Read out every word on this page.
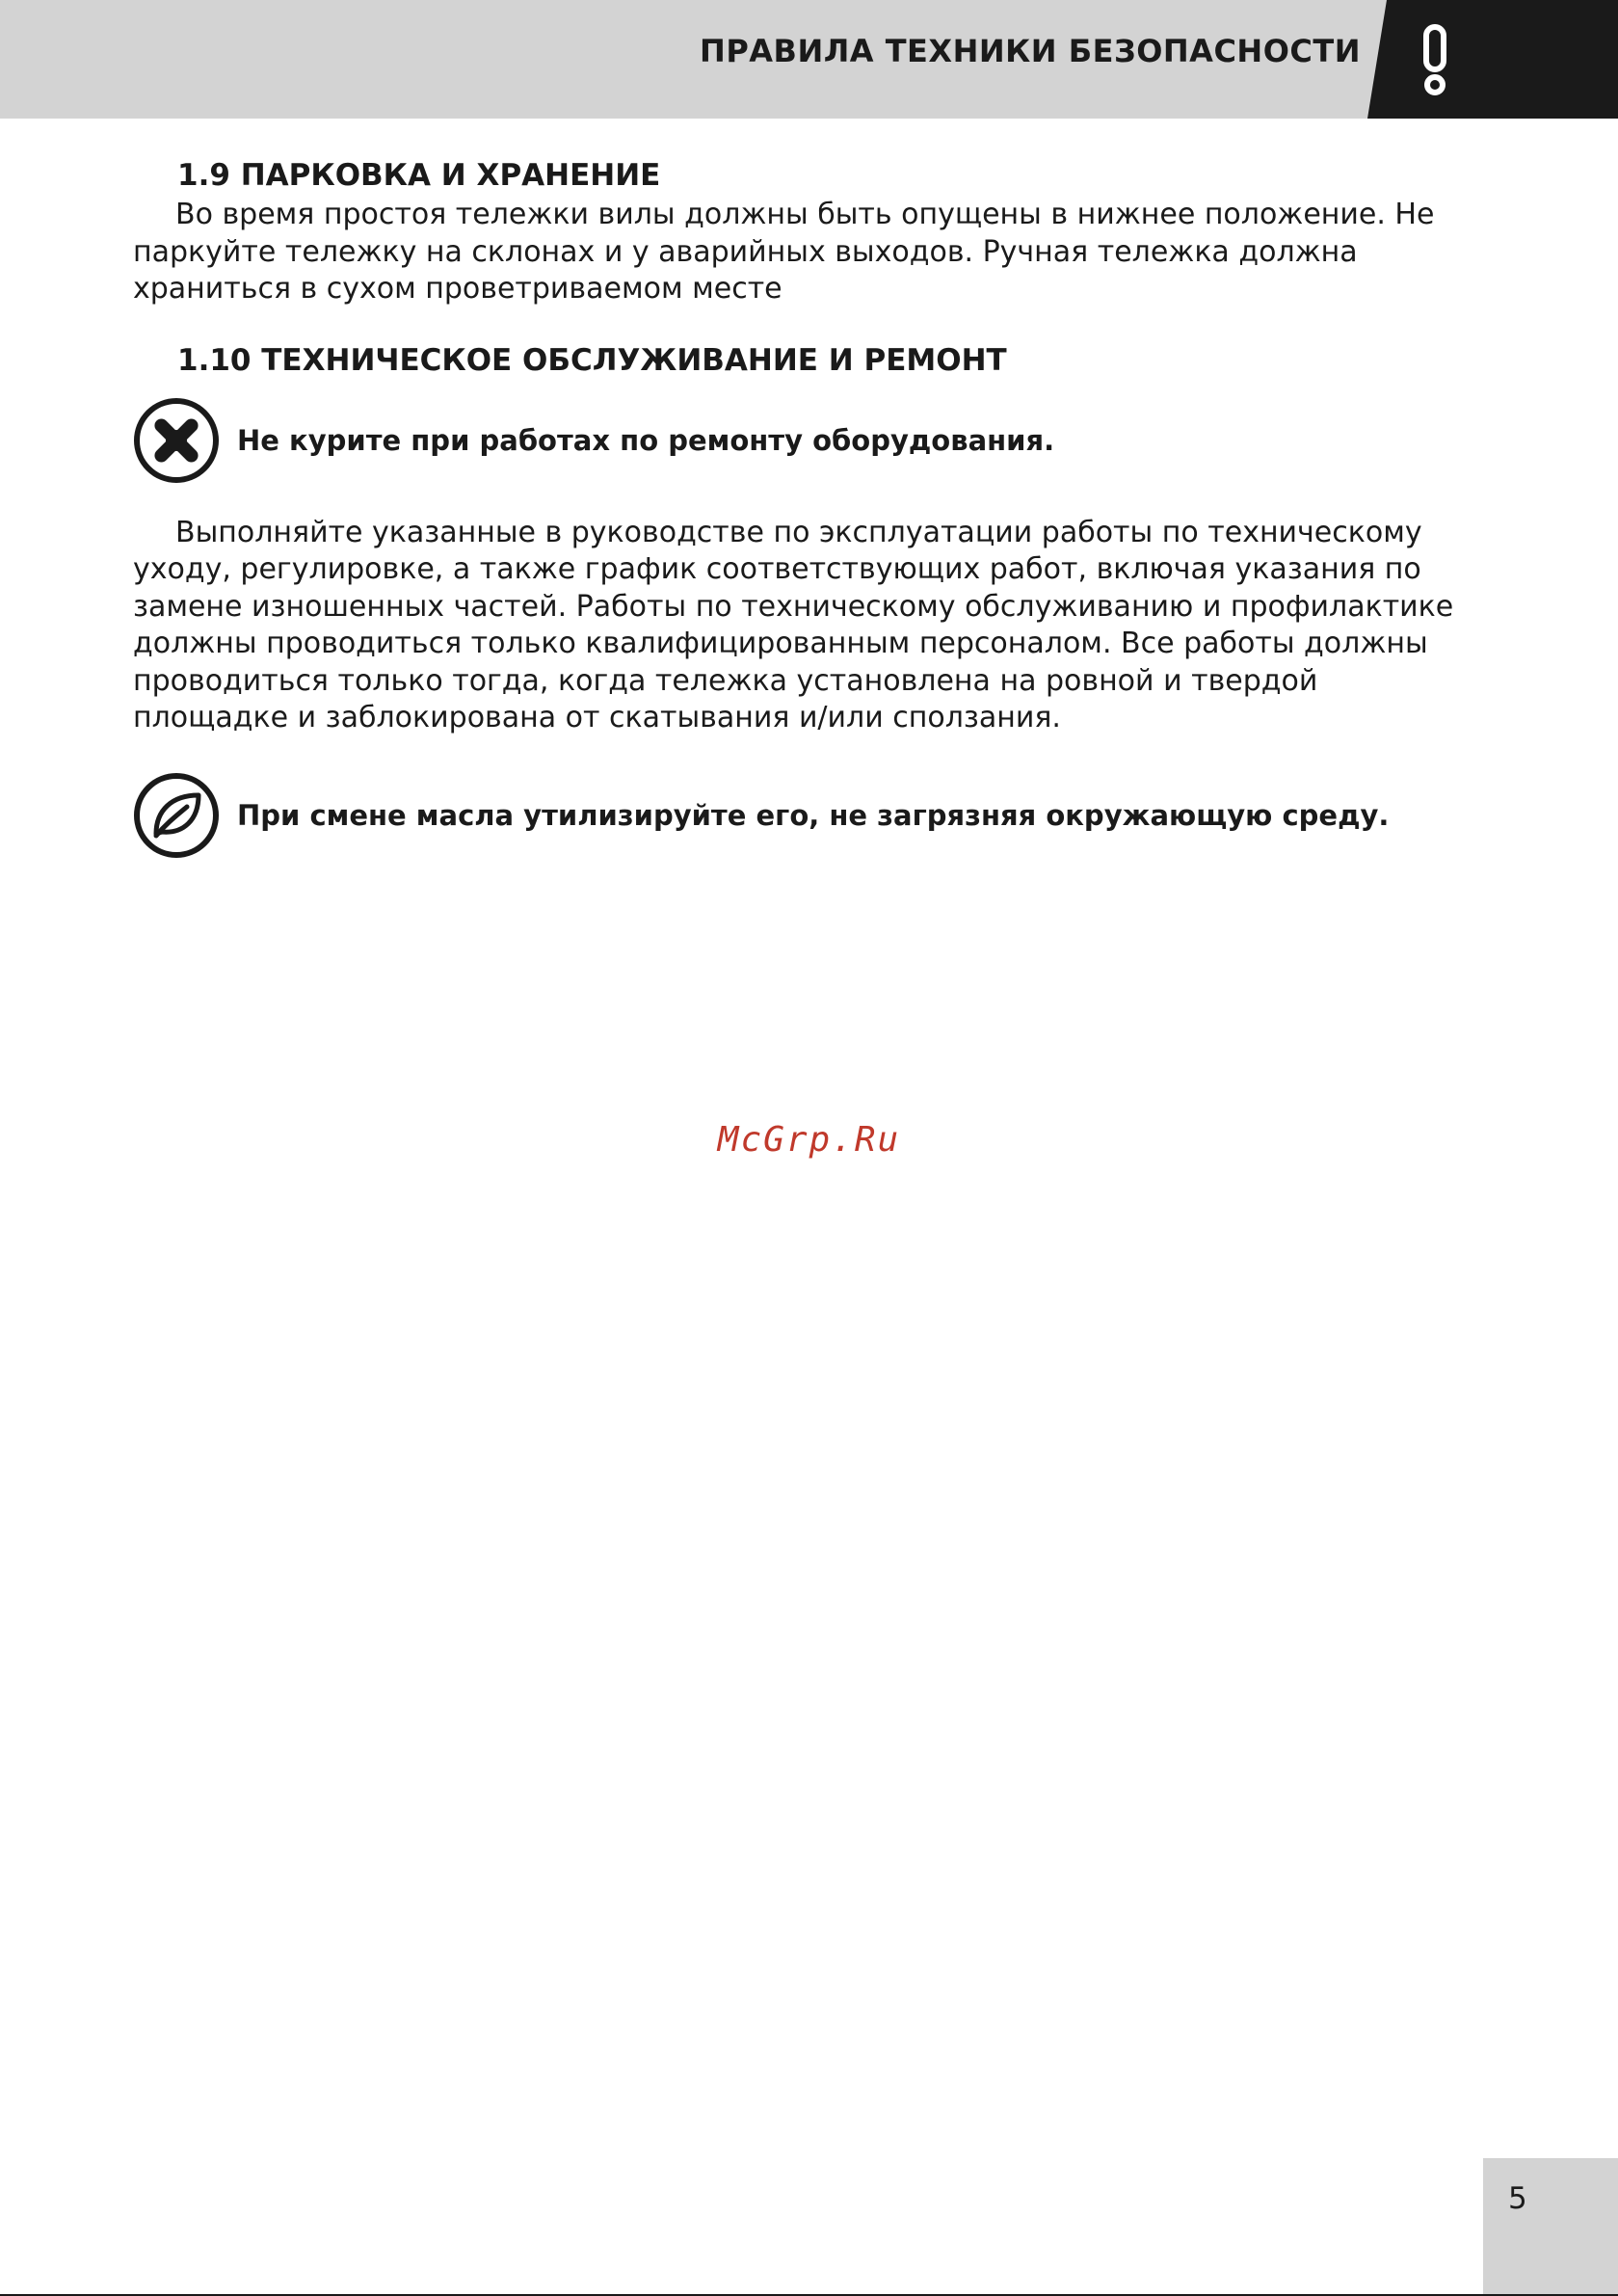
ПРАВИЛА ТЕХНИКИ БЕЗОПАСНОСТИ
1.9 ПАРКОВКА И ХРАНЕНИЕ

Во время простоя тележки вилы должны быть опущены в нижнее положение. Не паркуйте тележку на склонах и у аварийных выходов. Ручная тележка должна храниться в сухом проветриваемом месте

1.10 ТЕХНИЧЕСКОЕ ОБСЛУЖИВАНИЕ И РЕМОНТ
Не курите при работах по ремонту оборудования.

Выполняйте указанные в руководстве по эксплуатации работы по техническому уходу, регулировке, а также график соответствующих работ, включая указания по замене изношенных частей. Работы по техническому обслуживанию и профилактике должны проводиться только квалифицированным персоналом. Все работы должны проводиться только тогда, когда тележка установлена на ровной и твердой площадке и заблокирована от скатывания и/или сползания.

При смене масла утилизируйте его, не загрязняя окружающую среду.
McGrp.Ru
5
